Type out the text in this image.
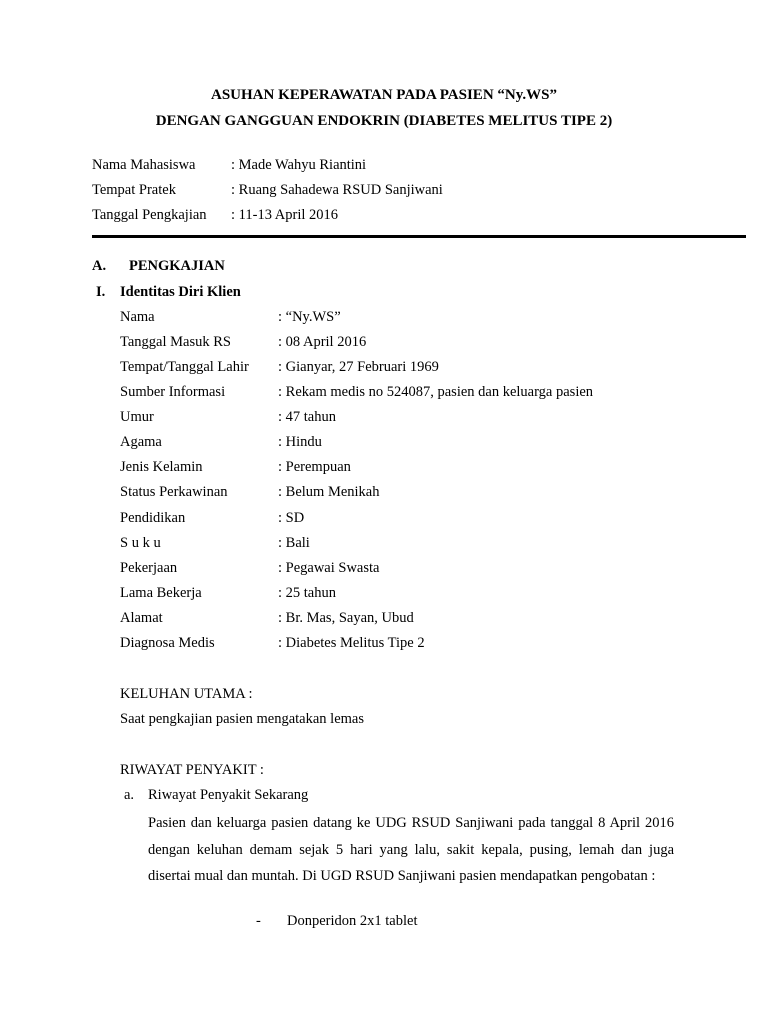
ASUHAN KEPERAWATAN PADA PASIEN “Ny.WS”
DENGAN GANGGUAN ENDOKRIN (DIABETES MELITUS TIPE 2)
Nama Mahasiswa : Made Wahyu Riantini
Tempat Pratek	: Ruang Sahadewa RSUD Sanjiwani
Tanggal Pengkajian : 11-13 April 2016
A. PENGKAJIAN
I. Identitas Diri Klien
Nama	: “Ny.WS”
Tanggal Masuk RS	: 08 April 2016
Tempat/Tanggal Lahir : Gianyar, 27 Februari 1969
Sumber Informasi	: Rekam medis no 524087, pasien dan keluarga pasien
Umur	: 47 tahun
Agama	: Hindu
Jenis Kelamin	: Perempuan
Status Perkawinan	: Belum Menikah
Pendidikan	: SD
S u k u	: Bali
Pekerjaan	: Pegawai Swasta
Lama Bekerja	: 25 tahun
Alamat	: Br. Mas, Sayan, Ubud
Diagnosa Medis	: Diabetes Melitus Tipe 2
KELUHAN UTAMA :
Saat pengkajian pasien mengatakan lemas
RIWAYAT PENYAKIT :
a. Riwayat Penyakit Sekarang
Pasien dan keluarga pasien datang ke UDG RSUD Sanjiwani pada tanggal 8 April 2016 dengan keluhan demam sejak 5 hari yang lalu, sakit kepala, pusing, lemah dan juga disertai mual dan muntah. Di UGD RSUD Sanjiwani pasien mendapatkan pengobatan :
- Donperidon 2x1 tablet
